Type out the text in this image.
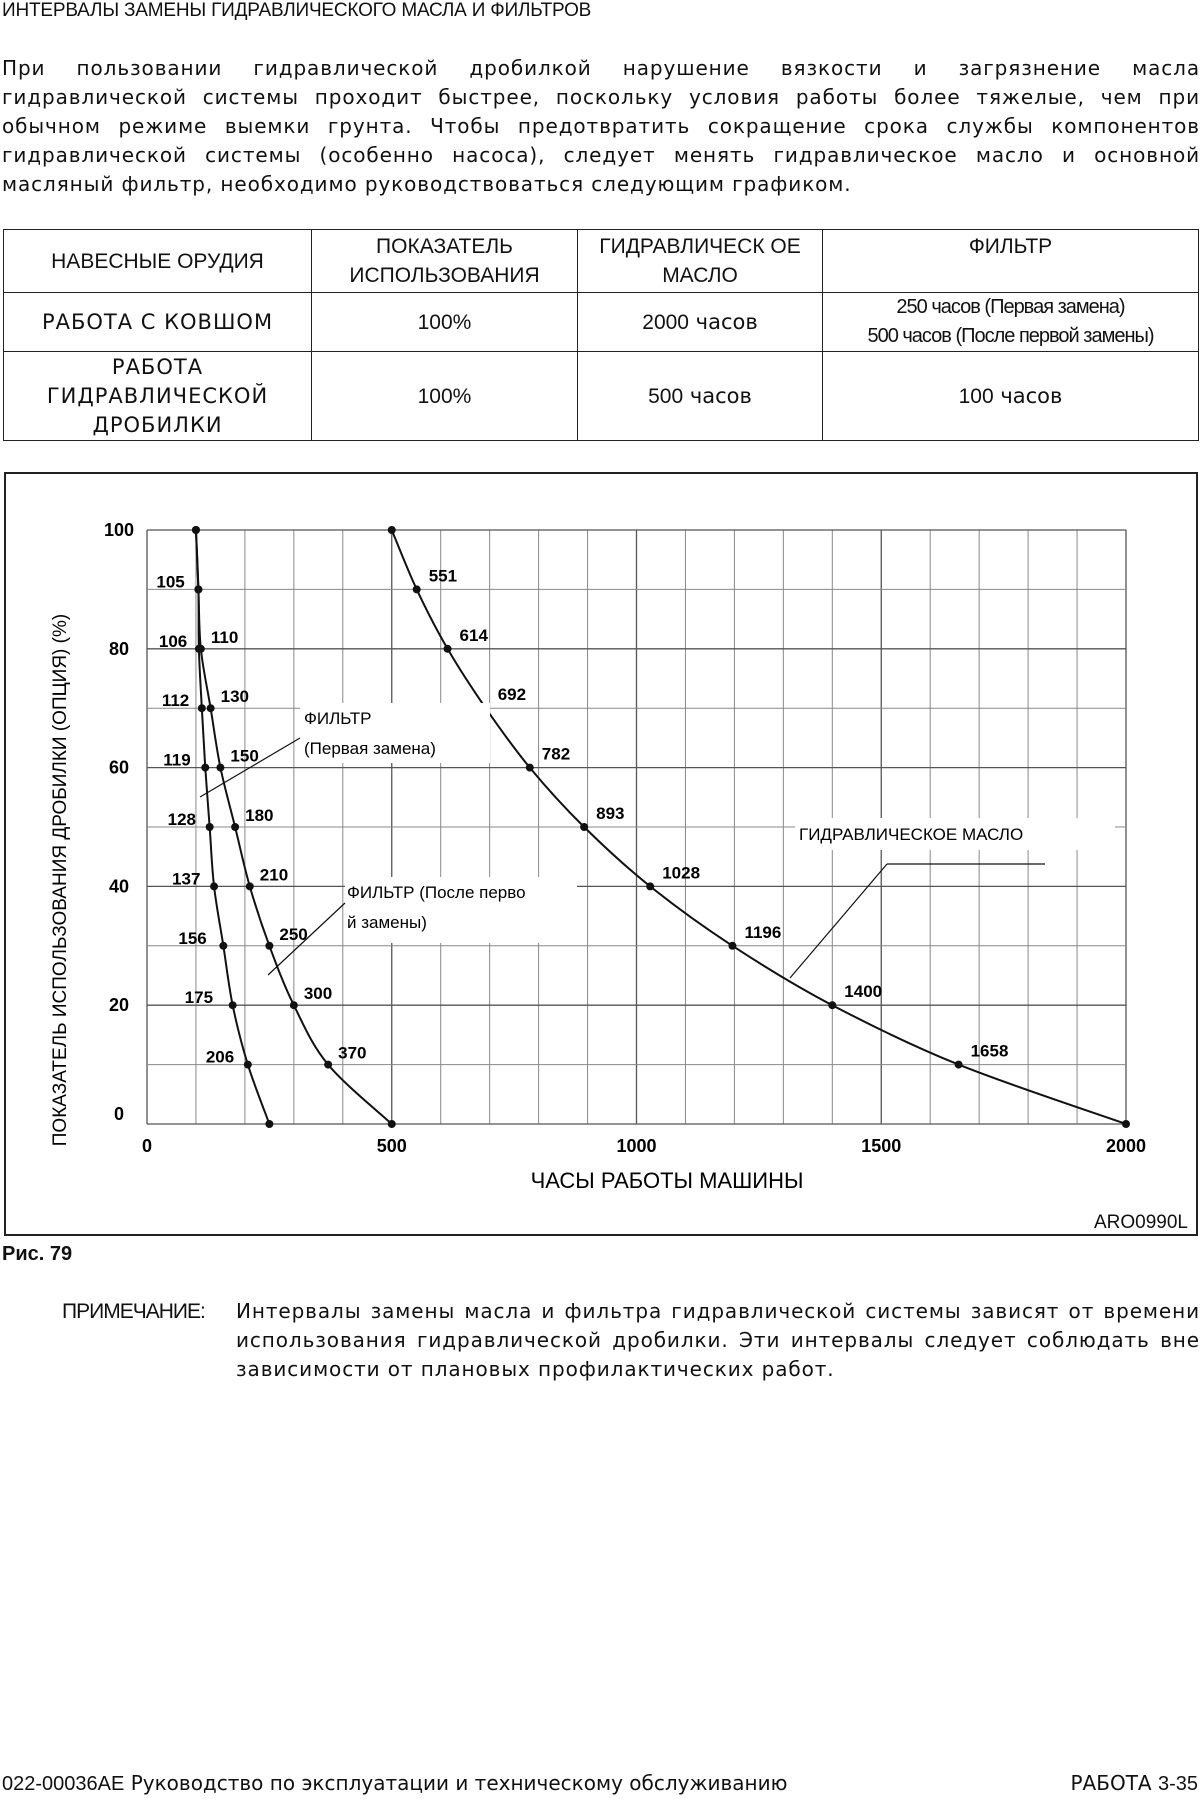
ИНТЕРВАЛЫ ЗАМЕНЫ ГИДРАВЛИЧЕСКОГО МАСЛА И ФИЛЬТРОВ
При пользовании гидравлической дробилкой нарушение вязкости и загрязнение масла гидравлической системы проходит быстрее, поскольку условия работы более тяжелые, чем при обычном режиме выемки грунта. Чтобы предотвратить сокращение срока службы компонентов гидравлической системы (особенно насоса), следует менять гидравлическое масло и основной масляный фильтр, необходимо руководствоваться следующим графиком.
НАВЕСНЫЕ ОРУДИЯ	ПОКАЗАТЕЛЬ ИСПОЛЬЗОВАНИЯ	ГИДРАВЛИЧЕСК ОЕ МАСЛО	ФИЛЬТР
РАБОТА С КОВШОМ	100%	2000 часов	250 часов (Первая замена)
500 часов (После первой замены)

РАБОТА ГИДРАВЛИЧЕСКОЙ ДРОБИЛКИ	100%	500 часов	100 часов
0	500	1000	1500	2000
0
20
40
60
80
100
ЧАСЫ РАБОТЫ МАШИНЫ
ПОКАЗАТЕЛЬ ИСПОЛЬЗОВАНИЯ ДРОБИЛКИ (ОПЦИЯ) (%)
105
106
112
119
128
137
156
175
206
110
130
150
180
210
250
300
370
551
614
692
782
893
1028
1196
1400
1658
ФИЛЬТР
(Первая замена)
ФИЛЬТР (После перво
й замены)
ГИДРАВЛИЧЕСКОЕ МАСЛО
ARO0990L
Рис. 79
ПРИМЕЧАНИЕ: Интервалы замены масла и фильтра гидравлической системы зависят от времени использования гидравлической дробилки. Эти интервалы следует соблюдать вне зависимости от плановых профилактических работ.
022-00036AE Руководство по эксплуатации и техническому обслуживанию	РАБОТА 3-35
